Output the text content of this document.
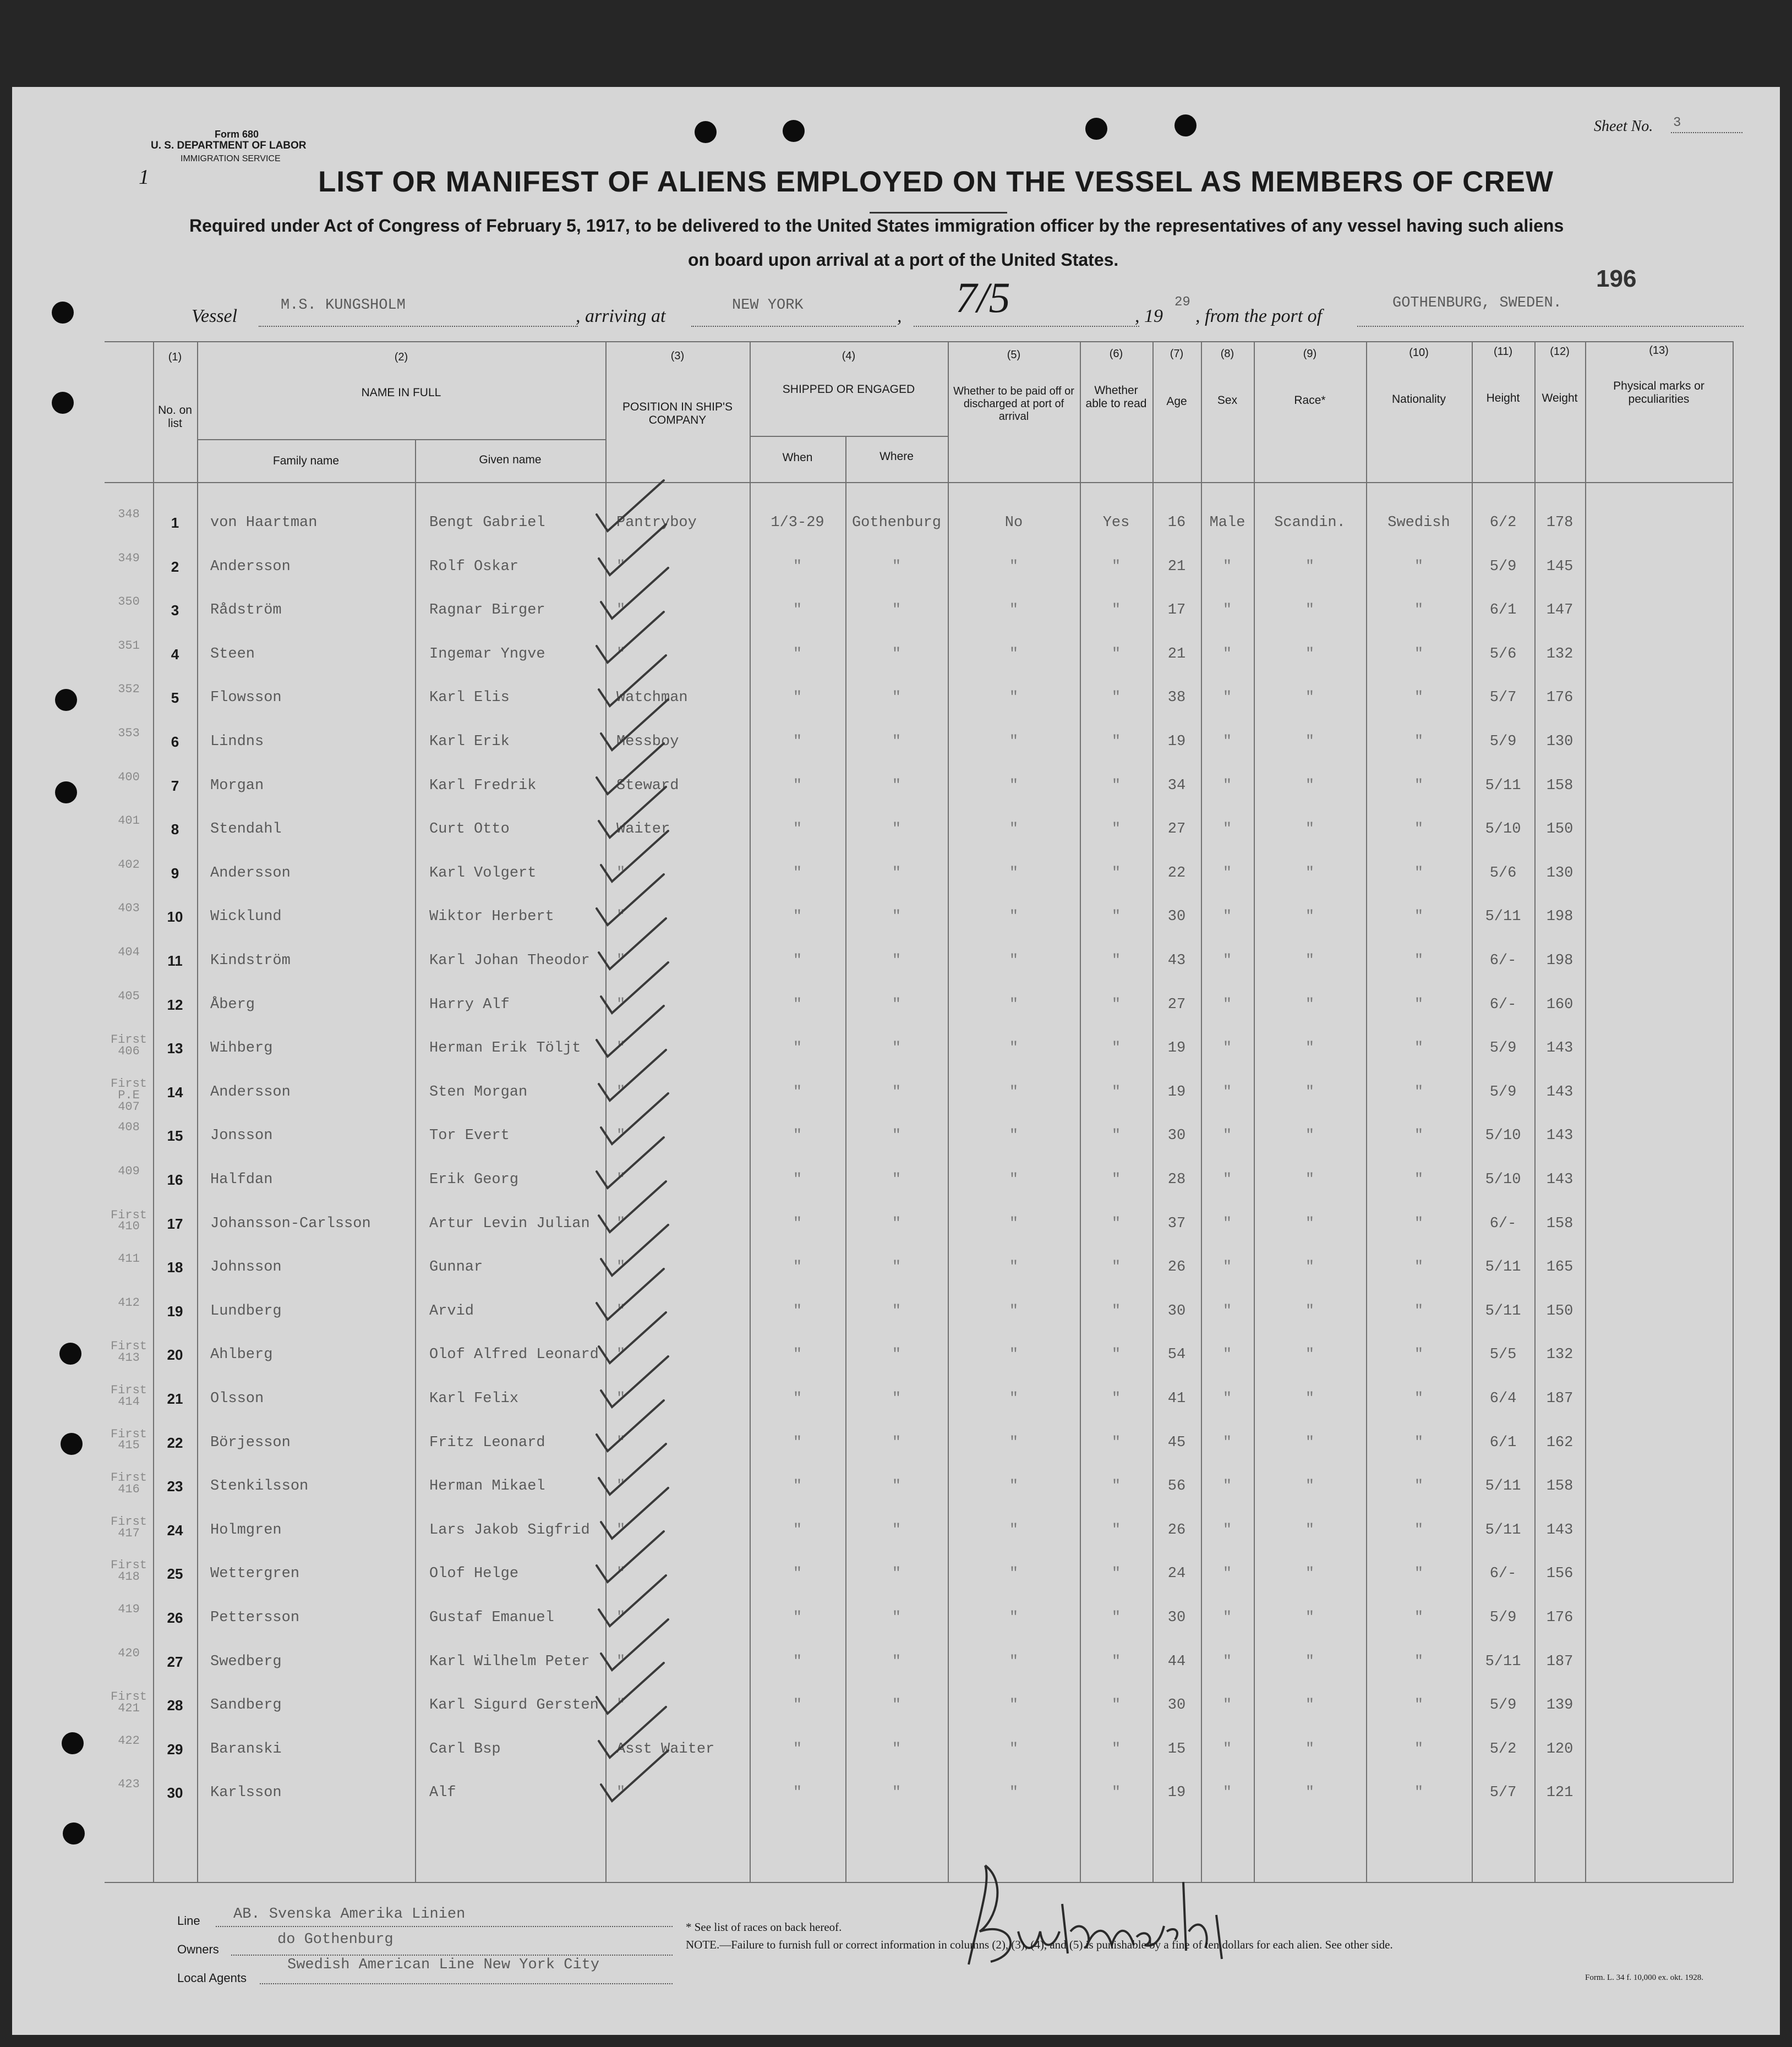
Form 680
U. S. DEPARTMENT OF LABOR
IMMIGRATION SERVICE
1
Sheet No. 3
LIST OR MANIFEST OF ALIENS EMPLOYED ON THE VESSEL AS MEMBERS OF CREW
Required under Act of Congress of February 5, 1917, to be delivered to the United States immigration officer by the representatives of any vessel having such aliens
on board upon arrival at a port of the United States.
196
Vessel
M.S. KUNGSHOLM
, arriving at
NEW YORK
, 7/5	, 19
29
, from the port of
GOTHENBURG, SWEDEN.
(1)	(2)	(3)	(4)	(5)	(6)	(7)	(8)	(9)	(10)	(11)	(12)	(13)
No. on list
NAME IN FULL
Family name	Given name
POSITION IN SHIP'S COMPANY
SHIPPED OR ENGAGED
When	Where
Whether to be paid off or discharged at port of arrival
Whether able to read	Age	Sex	Race*	Nationality	Height	Weight
Physical marks or peculiarities
348
1	von Haartman	Bengt Gabriel	Pantryboy	1/3-29	Gothenburg	No	Yes	16	Male	Scandin.	Swedish	6/2	178
349
2	Andersson	Rolf Oskar	"	"	"	"	"	21	"	"	"	5/9	145
350
3	Rådström	Ragnar Birger	"	"	"	"	"	17	"	"	"	6/1	147
351
4	Steen	Ingemar Yngve	"	"	"	"	"	21	"	"	"	5/6	132
352
5	Flowsson	Karl Elis	Watchman	"	"	"	"	38	"	"	"	5/7	176
353
6	Lindns	Karl Erik	Messboy	"	"	"	"	19	"	"	"	5/9	130
400
7	Morgan	Karl Fredrik	Steward	"	"	"	"	34	"	"	"	5/11	158
401
8	Stendahl	Curt Otto	Waiter	"	"	"	"	27	"	"	"	5/10	150
402
9	Andersson	Karl Volgert	"	"	"	"	"	22	"	"	"	5/6	130
403
10	Wicklund	Wiktor Herbert	"	"	"	"	"	30	"	"	"	5/11	198
404
11	Kindström	Karl Johan Theodor	"	"	"	"	"	43	"	"	"	6/-	198
405
12	Åberg	Harry Alf	"	"	"	"	"	27	"	"	"	6/-	160
First 406	13	Wihberg	Herman Erik Töljt	"	"	"	"	"	19	"	"	"	5/9	143
First P.E 407
14	Andersson	Sten Morgan	"	"	"	"	"	19	"	"	"	5/9	143
408
15	Jonsson	Tor Evert	"	"	"	"	"	30	"	"	"	5/10	143
409
16	Halfdan	Erik Georg	"	"	"	"	"	28	"	"	"	5/10	143
First 410	17	Johansson-Carlsson	Artur Levin Julian	"	"	"	"	"	37	"	"	"	6/-	158
411
18	Johnsson	Gunnar	"	"	"	"	"	26	"	"	"	5/11	165
412
19	Lundberg	Arvid	"	"	"	"	"	30	"	"	"	5/11	150
First 413	20	Ahlberg	Olof Alfred Leonard	"	"	"	"	"	54	"	"	"	5/5	132
First 414	21	Olsson	Karl Felix	"	"	"	"	"	41	"	"	"	6/4	187
First 415	22	Börjesson	Fritz Leonard	"	"	"	"	"	45	"	"	"	6/1	162
First 416	23	Stenkilsson	Herman Mikael	"	"	"	"	"	56	"	"	"	5/11	158
First 417	24	Holmgren	Lars Jakob Sigfrid	"	"	"	"	"	26	"	"	"	5/11	143
First 418	25	Wettergren	Olof Helge	"	"	"	"	"	24	"	"	"	6/-	156
419
26	Pettersson	Gustaf Emanuel	"	"	"	"	"	30	"	"	"	5/9	176
420
27	Swedberg	Karl Wilhelm Peter	"	"	"	"	"	44	"	"	"	5/11	187
First 421	28	Sandberg	Karl Sigurd Gersten	"	"	"	"	"	30	"	"	"	5/9	139
422
29	Baranski	Carl Bsp	Asst Waiter	"	"	"	"	15	"	"	"	5/2	120
423
30	Karlsson	Alf	"	"	"	"	"	19	"	"	"	5/7	121
Line AB. Svenska Amerika Linien
Owners
do Gothenburg
Local Agents
Swedish American Line New York City
* See list of races on back hereof.
NOTE.—Failure to furnish full or correct information in columns (2), (3), (4), and (5) is punishable by a fine of ten dollars for each alien. See other side.
Form. L. 34 f. 10,000 ex. okt. 1928.
